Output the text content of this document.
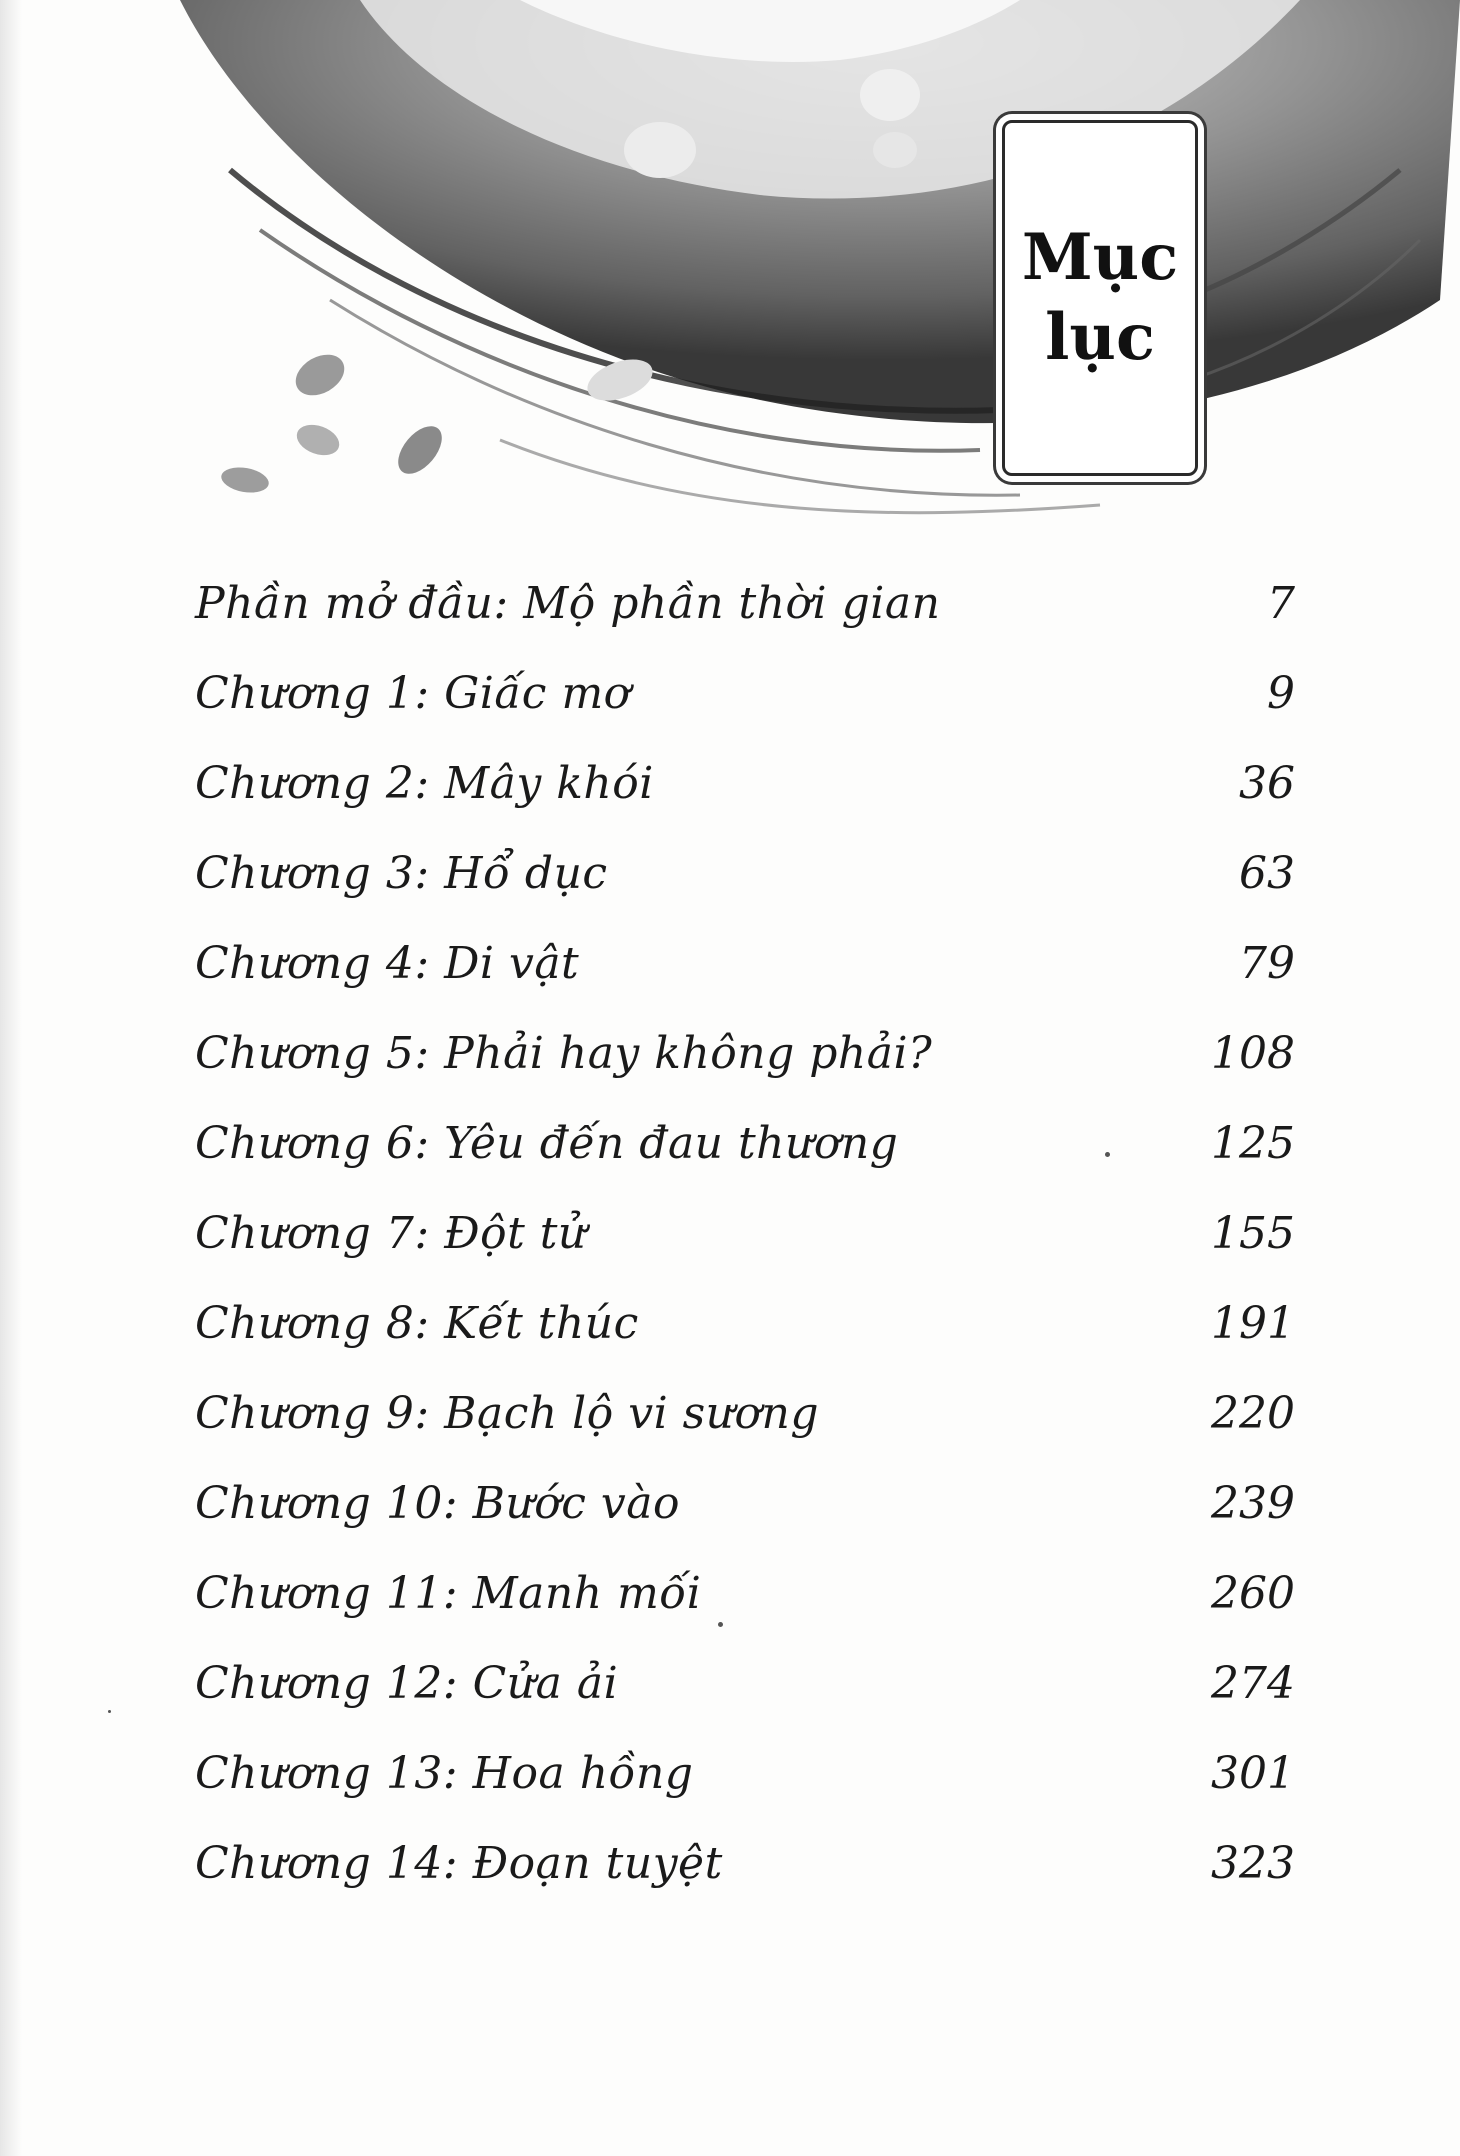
Mục
lục
Phần mở đầu: Mộ phần thời gian	7
Chương 1: Giấc mơ	9
Chương 2: Mây khói	36
Chương 3: Hổ dục	63
Chương 4: Di vật	79
Chương 5: Phải hay không phải?	108
Chương 6: Yêu đến đau thương	125
Chương 7: Đột tử	155
Chương 8: Kết thúc	191
Chương 9: Bạch lộ vi sương	220
Chương 10: Bước vào	239
Chương 11: Manh mối	260
Chương 12: Cửa ải	274
Chương 13: Hoa hồng	301
Chương 14: Đoạn tuyệt	323
